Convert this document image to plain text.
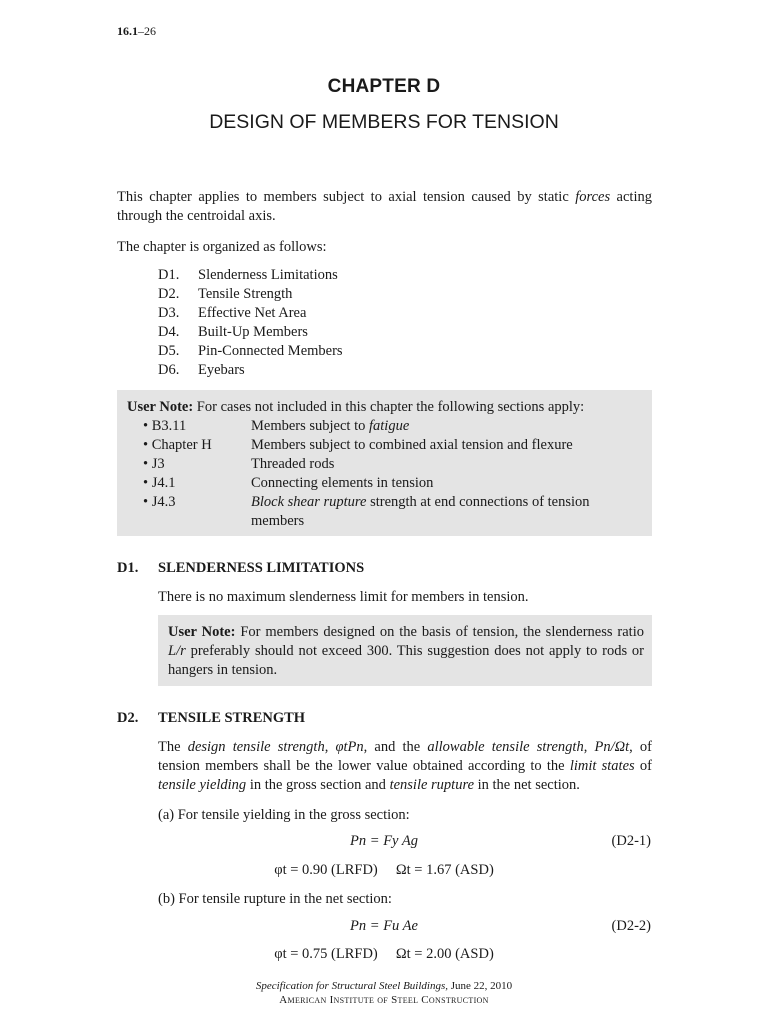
16.1–26
CHAPTER D
DESIGN OF MEMBERS FOR TENSION
This chapter applies to members subject to axial tension caused by static forces acting through the centroidal axis.
The chapter is organized as follows:
D1.	Slenderness Limitations
D2.	Tensile Strength
D3.	Effective Net Area
D4.	Built-Up Members
D5.	Pin-Connected Members
D6.	Eyebars
User Note: For cases not included in this chapter the following sections apply:
• B3.11	Members subject to fatigue
• Chapter H	Members subject to combined axial tension and flexure
• J3	Threaded rods
• J4.1	Connecting elements in tension
• J4.3	Block shear rupture strength at end connections of tension members
D1. SLENDERNESS LIMITATIONS
There is no maximum slenderness limit for members in tension.
User Note: For members designed on the basis of tension, the slenderness ratio L/r preferably should not exceed 300. This suggestion does not apply to rods or hangers in tension.
D2. TENSILE STRENGTH
The design tensile strength, φtPn, and the allowable tensile strength, Pn/Ωt, of tension members shall be the lower value obtained according to the limit states of tensile yielding in the gross section and tensile rupture in the net section.
(a) For tensile yielding in the gross section:
Pn = Fy Ag	(D2-1)
φt = 0.90 (LRFD)     Ωt = 1.67 (ASD)
(b) For tensile rupture in the net section:
Pn = Fu Ae	(D2-2)
φt = 0.75 (LRFD)     Ωt = 2.00 (ASD)
Specification for Structural Steel Buildings, June 22, 2010
American Institute of Steel Construction
